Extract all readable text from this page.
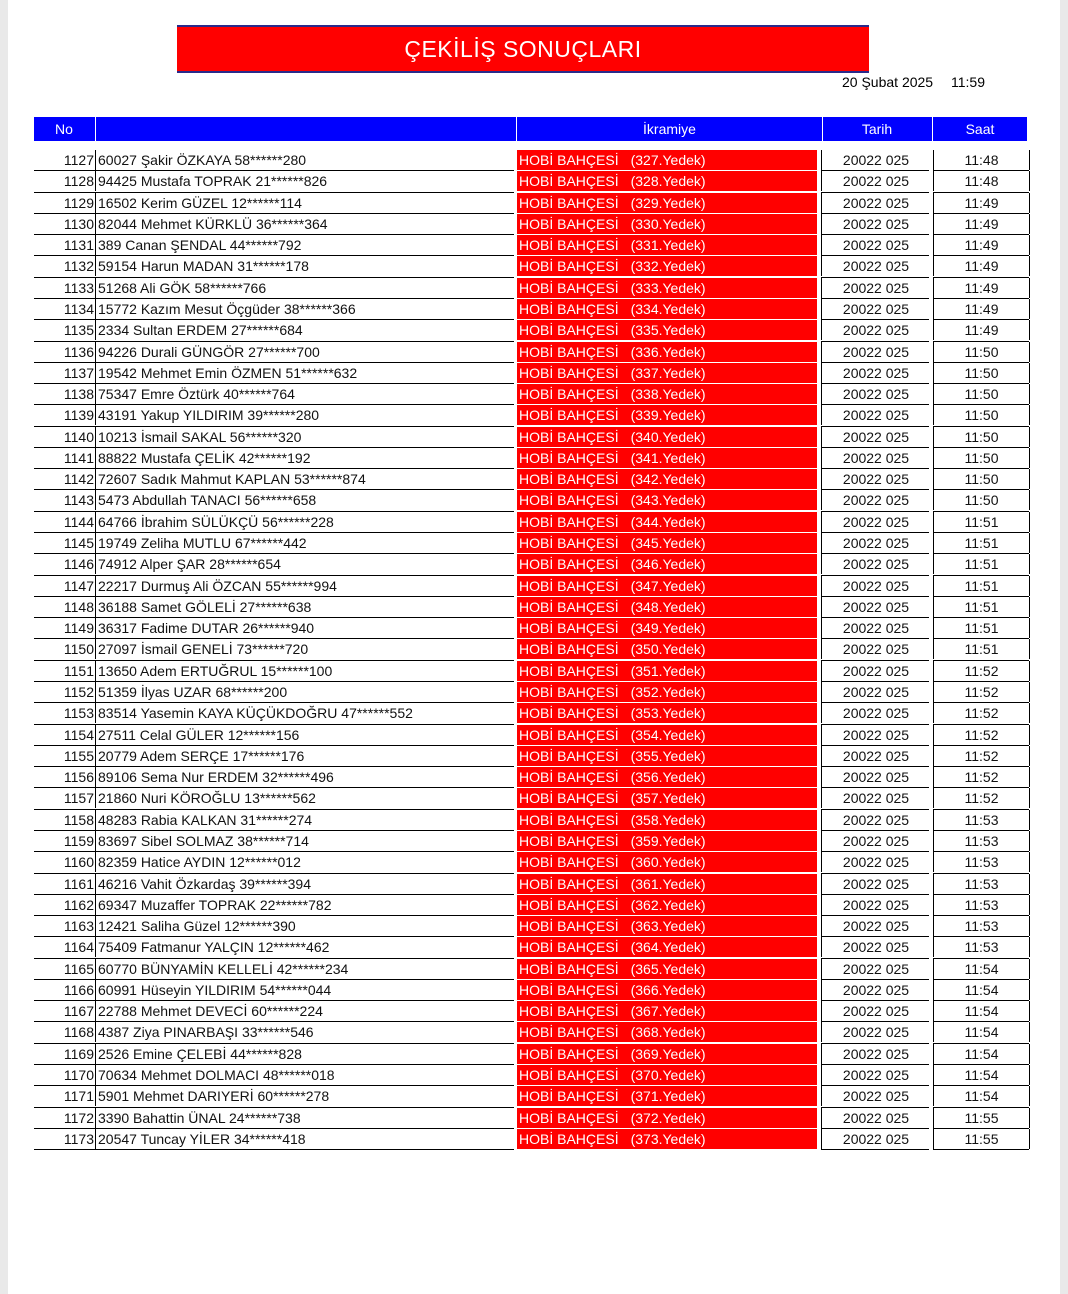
ÇEKİLİŞ SONUÇLARI
20 Şubat 2025 11:59
No	İkramiye	Tarih	Saat
1127 60027 Şakir ÖZKAYA 58******280	HOBİ BAHÇESİ (327.Yedek)	20022 025	11:48
1128 94425 Mustafa TOPRAK 21******826	HOBİ BAHÇESİ (328.Yedek)	20022 025	11:48
1129 16502 Kerim GÜZEL 12******114	HOBİ BAHÇESİ (329.Yedek)	20022 025	11:49
1130 82044 Mehmet KÜRKLÜ 36******364	HOBİ BAHÇESİ (330.Yedek)	20022 025	11:49
1131 389 Canan ŞENDAL 44******792	HOBİ BAHÇESİ (331.Yedek)	20022 025	11:49
1132 59154 Harun MADAN 31******178	HOBİ BAHÇESİ (332.Yedek)	20022 025	11:49
1133 51268 Ali GÖK 58******766	HOBİ BAHÇESİ (333.Yedek)	20022 025	11:49
1134 15772 Kazım Mesut Öçgüder 38******366	HOBİ BAHÇESİ (334.Yedek)	20022 025	11:49
1135 2334 Sultan ERDEM 27******684	HOBİ BAHÇESİ (335.Yedek)	20022 025	11:49
1136 94226 Durali GÜNGÖR 27******700	HOBİ BAHÇESİ (336.Yedek)	20022 025	11:50
1137 19542 Mehmet Emin ÖZMEN 51******632	HOBİ BAHÇESİ (337.Yedek)	20022 025	11:50
1138 75347 Emre Öztürk 40******764	HOBİ BAHÇESİ (338.Yedek)	20022 025	11:50
1139 43191 Yakup YILDIRIM 39******280	HOBİ BAHÇESİ (339.Yedek)	20022 025	11:50
1140 10213 İsmail SAKAL 56******320	HOBİ BAHÇESİ (340.Yedek)	20022 025	11:50
1141 88822 Mustafa ÇELİK 42******192	HOBİ BAHÇESİ (341.Yedek)	20022 025	11:50
1142 72607 Sadık Mahmut KAPLAN 53******874	HOBİ BAHÇESİ (342.Yedek)	20022 025	11:50
1143 5473 Abdullah TANACI 56******658	HOBİ BAHÇESİ (343.Yedek)	20022 025	11:50
1144 64766 İbrahim SÜLÜKÇÜ 56******228	HOBİ BAHÇESİ (344.Yedek)	20022 025	11:51
1145 19749 Zeliha MUTLU 67******442	HOBİ BAHÇESİ (345.Yedek)	20022 025	11:51
1146 74912 Alper ŞAR 28******654	HOBİ BAHÇESİ (346.Yedek)	20022 025	11:51
1147 22217 Durmuş Ali ÖZCAN 55******994	HOBİ BAHÇESİ (347.Yedek)	20022 025	11:51
1148 36188 Samet GÖLELİ 27******638	HOBİ BAHÇESİ (348.Yedek)	20022 025	11:51
1149 36317 Fadime DUTAR 26******940	HOBİ BAHÇESİ (349.Yedek)	20022 025	11:51
1150 27097 İsmail GENELİ 73******720	HOBİ BAHÇESİ (350.Yedek)	20022 025	11:51
1151 13650 Adem ERTUĞRUL 15******100	HOBİ BAHÇESİ (351.Yedek)	20022 025	11:52
1152 51359 İlyas UZAR 68******200	HOBİ BAHÇESİ (352.Yedek)	20022 025	11:52
1153 83514 Yasemin KAYA KÜÇÜKDOĞRU 47******552	HOBİ BAHÇESİ (353.Yedek)	20022 025	11:52
1154 27511 Celal GÜLER 12******156	HOBİ BAHÇESİ (354.Yedek)	20022 025	11:52
1155 20779 Adem SERÇE 17******176	HOBİ BAHÇESİ (355.Yedek)	20022 025	11:52
1156 89106 Sema Nur ERDEM 32******496	HOBİ BAHÇESİ (356.Yedek)	20022 025	11:52
1157 21860 Nuri KÖROĞLU 13******562	HOBİ BAHÇESİ (357.Yedek)	20022 025	11:52
1158 48283 Rabia KALKAN 31******274	HOBİ BAHÇESİ (358.Yedek)	20022 025	11:53
1159 83697 Sibel SOLMAZ 38******714	HOBİ BAHÇESİ (359.Yedek)	20022 025	11:53
1160 82359 Hatice AYDIN 12******012	HOBİ BAHÇESİ (360.Yedek)	20022 025	11:53
1161 46216 Vahit Özkardaş 39******394	HOBİ BAHÇESİ (361.Yedek)	20022 025	11:53
1162 69347 Muzaffer TOPRAK 22******782	HOBİ BAHÇESİ (362.Yedek)	20022 025	11:53
1163 12421 Saliha Güzel 12******390	HOBİ BAHÇESİ (363.Yedek)	20022 025	11:53
1164 75409 Fatmanur YALÇIN 12******462	HOBİ BAHÇESİ (364.Yedek)	20022 025	11:53
1165 60770 BÜNYAMİN KELLELİ 42******234	HOBİ BAHÇESİ (365.Yedek)	20022 025	11:54
1166 60991 Hüseyin YILDIRIM 54******044	HOBİ BAHÇESİ (366.Yedek)	20022 025	11:54
1167 22788 Mehmet DEVECİ 60******224	HOBİ BAHÇESİ (367.Yedek)	20022 025	11:54
1168 4387 Ziya PINARBAŞI 33******546	HOBİ BAHÇESİ (368.Yedek)	20022 025	11:54
1169 2526 Emine ÇELEBİ 44******828	HOBİ BAHÇESİ (369.Yedek)	20022 025	11:54
1170 70634 Mehmet DOLMACI 48******018	HOBİ BAHÇESİ (370.Yedek)	20022 025	11:54
1171 5901 Mehmet DARIYERİ 60******278	HOBİ BAHÇESİ (371.Yedek)	20022 025	11:54
1172 3390 Bahattin ÜNAL 24******738	HOBİ BAHÇESİ (372.Yedek)	20022 025	11:55
1173 20547 Tuncay YİLER 34******418	HOBİ BAHÇESİ (373.Yedek)	20022 025	11:55
